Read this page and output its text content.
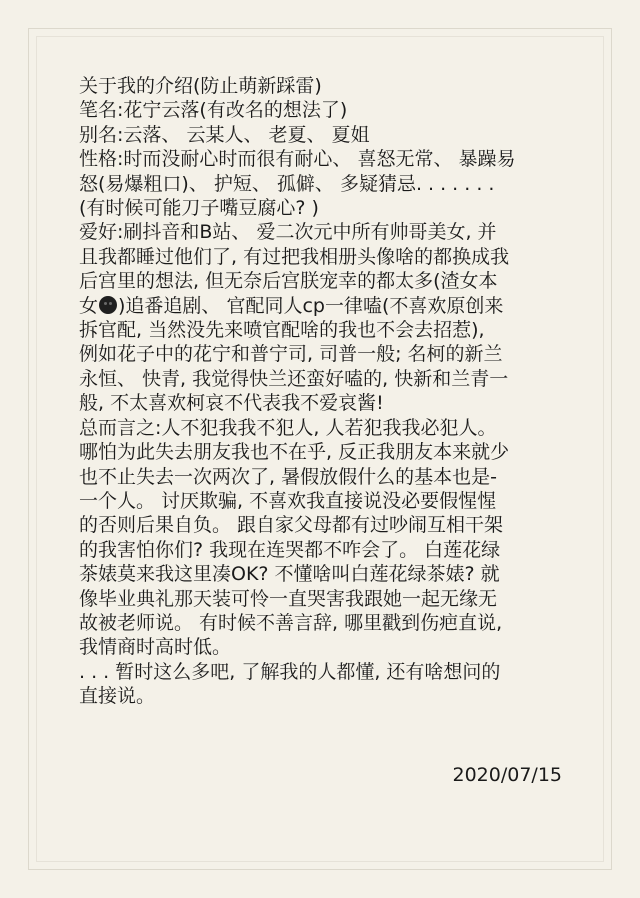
关于我的介绍(防止萌新踩雷)
笔名:花宁云落(有改名的想法了)
别名:云落、 云某人、 老夏、 夏姐
性格:时而没耐心时而很有耐心、 喜怒无常、 暴躁易
怒(易爆粗口)、 护短、 孤僻、 多疑猜忌. . . . . . .
(有时候可能刀子嘴豆腐心? )
爱好:刷抖音和B站、 爱二次元中所有帅哥美女, 并
且我都睡过他们了, 有过把我相册头像啥的都换成我
后宫里的想法, 但无奈后宫朕宠幸的都太多(渣女本
女 )追番追剧、 官配同人cp一律嗑(不喜欢原创来
拆官配, 当然没先来喷官配啥的我也不会去招惹),
例如花子中的花宁和普宁司, 司普一般; 名柯的新兰
永恒、 快青, 我觉得快兰还蛮好嗑的, 快新和兰青一
般, 不太喜欢柯哀不代表我不爱哀酱!
总而言之:人不犯我我不犯人, 人若犯我我必犯人。
哪怕为此失去朋友我也不在乎, 反正我朋友本来就少
也不止失去一次两次了, 暑假放假什么的基本也是-
一个人。 讨厌欺骗, 不喜欢我直接说没必要假惺惺
的否则后果自负。 跟自家父母都有过吵闹互相干架
的我害怕你们? 我现在连哭都不咋会了。 白莲花绿
茶婊莫来我这里凑OK? 不懂啥叫白莲花绿茶婊? 就
像毕业典礼那天装可怜一直哭害我跟她一起无缘无
故被老师说。 有时候不善言辞, 哪里戳到伤疤直说,
我情商时高时低。
. . . 暂时这么多吧, 了解我的人都懂, 还有啥想问的
直接说。
2020/07/15
